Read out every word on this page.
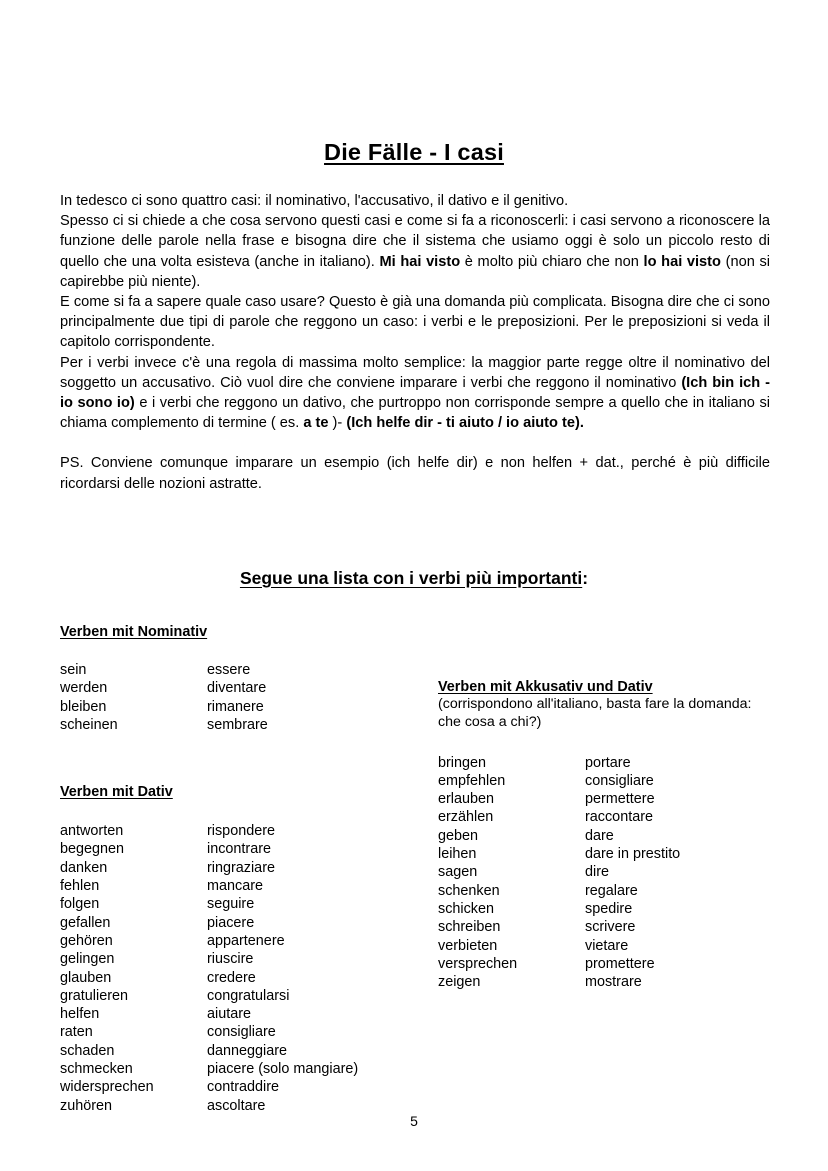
Die Fälle - I casi

In tedesco ci sono quattro casi: il nominativo, l'accusativo, il dativo e il genitivo.

Spesso ci si chiede a che cosa servono questi casi e come si fa a riconoscerli: i casi servono a riconoscere la funzione delle parole nella frase e bisogna dire che il sistema che usiamo oggi è solo un piccolo resto di quello che una volta esisteva (anche in italiano). Mi hai visto è molto più chiaro che non lo hai visto (non si capirebbe più niente).

E come si fa a sapere quale caso usare? Questo è già una domanda più complicata. Bisogna dire che ci sono principalmente due tipi di parole che reggono un caso: i verbi e le preposizioni. Per le preposizioni si veda il capitolo corrispondente.

Per i verbi invece c'è una regola di massima molto semplice: la maggior parte regge oltre il nominativo del soggetto un accusativo. Ciò vuol dire che conviene imparare i verbi che reggono il nominativo (Ich bin ich - io sono io) e i verbi che reggono un dativo, che purtroppo non corrisponde sempre a quello che in italiano si chiama complemento di termine ( es. a te )- (Ich helfe dir - ti aiuto / io aiuto te).

PS. Conviene comunque imparare un esempio (ich helfe dir) e non helfen + dat., perché è più difficile ricordarsi delle nozioni astratte.

Segue una lista con i verbi più importanti:
Verben mit Nominativ
sein	essere
werden	diventare
bleiben	rimanere
scheinen	sembrare
Verben mit Dativ
antworten	rispondere
begegnen	incontrare
danken	ringraziare
fehlen	mancare
folgen	seguire
gefallen	piacere
gehören	appartenere
gelingen	riuscire
glauben	credere
gratulieren	congratularsi
helfen	aiutare
raten	consigliare
schaden	danneggiare
schmecken	piacere (solo mangiare)
widersprechen	contraddire
zuhören	ascoltare
Verben mit Akkusativ und Dativ

(corrispondono all'italiano, basta fare la domanda: che cosa a chi?)

bringen	portare
empfehlen	consigliare
erlauben	permettere
erzählen	raccontare
geben	dare
leihen	dare in prestito
sagen	dire
schenken	regalare
schicken	spedire
schreiben	scrivere
verbieten	vietare
versprechen	promettere
zeigen	mostrare
5
